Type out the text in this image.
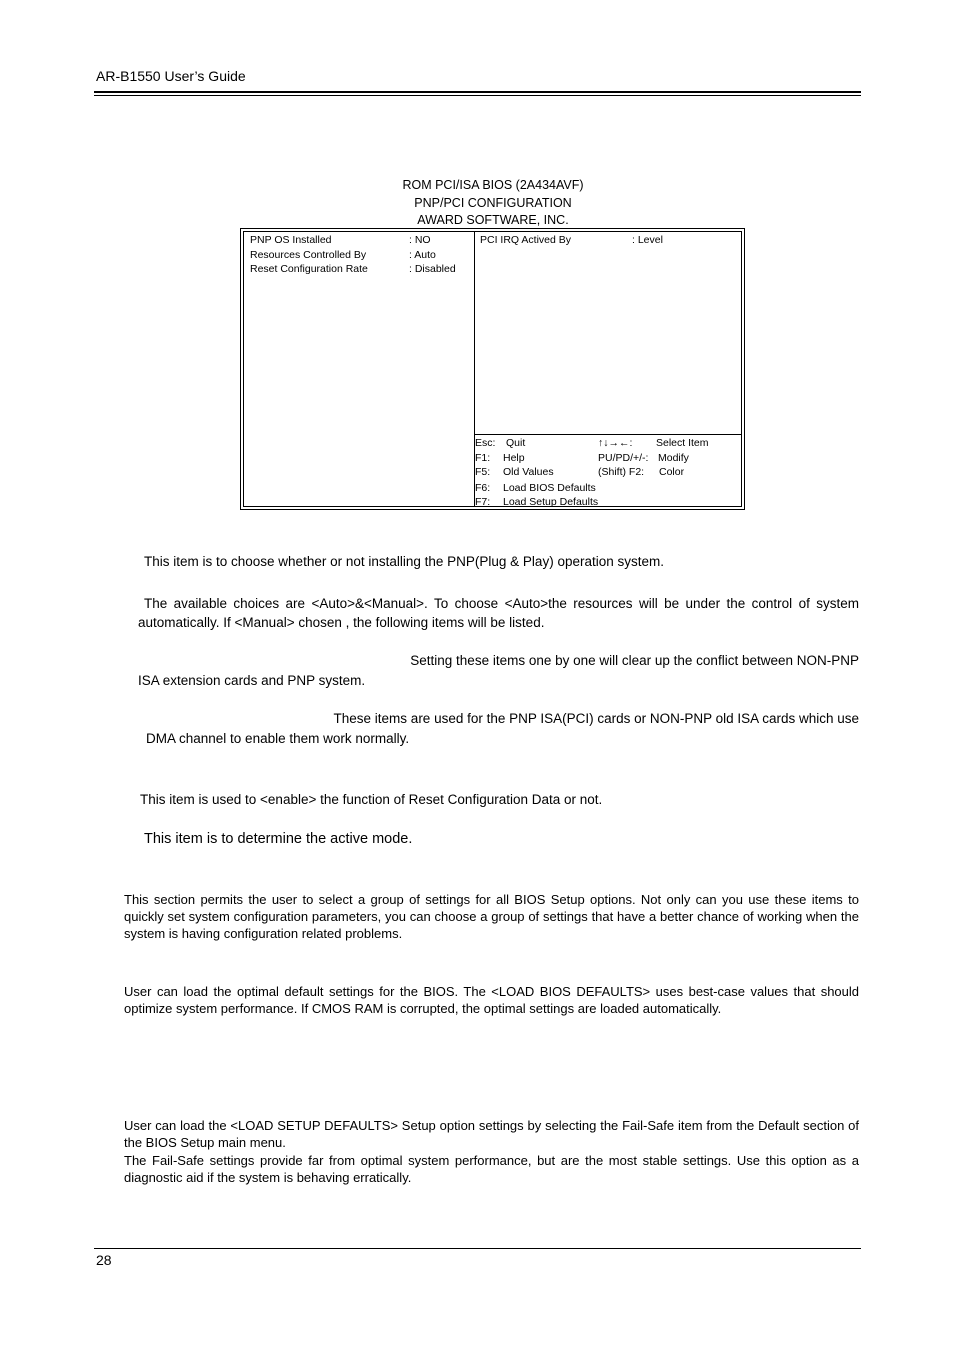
AR-B1550 User’s Guide
ROM PCI/ISA BIOS (2A434AVF)
PNP/PCI CONFIGURATION
AWARD SOFTWARE, INC.
PNP OS Installed	: NO
Resources Controlled By	: Auto
Reset Configuration Rate	: Disabled
PCI IRQ Actived By	: Level
Esc: Quit	↑↓→←: Select Item
F1: Help	PU/PD/+/-: Modify
F5: Old Values	(Shift) F2: Color
F6: Load BIOS Defaults
F7: Load Setup Defaults
This item is to choose whether or not installing the PNP(Plug & Play) operation system.
The available choices are <Auto>&<Manual>. To choose <Auto>the resources will be under the control of system automatically. If <Manual> chosen , the following items will be listed.
Setting these items one by one will clear up the conflict between NON-PNP
ISA extension cards and PNP system.
These items are used for the PNP ISA(PCI) cards or NON-PNP old ISA cards which use
DMA channel to enable them work normally.
This item is used to <enable> the function of Reset Configuration Data or not.
This item is to determine the active mode.
This section permits the user to select a group of settings for all BIOS Setup options. Not only can you use these items to quickly set system configuration parameters, you can choose a group of settings that have a better chance of working when the system is having configuration related problems.
User can load the optimal default settings for the BIOS. The <LOAD BIOS DEFAULTS> uses best-case values that should optimize system performance. If CMOS RAM is corrupted, the optimal settings are loaded automatically.
User can load the <LOAD SETUP DEFAULTS> Setup option settings by selecting the Fail-Safe item from the Default section of the BIOS Setup main menu.
The Fail-Safe settings provide far from optimal system performance, but are the most stable settings. Use this option as a diagnostic aid if the system is behaving erratically.
28
